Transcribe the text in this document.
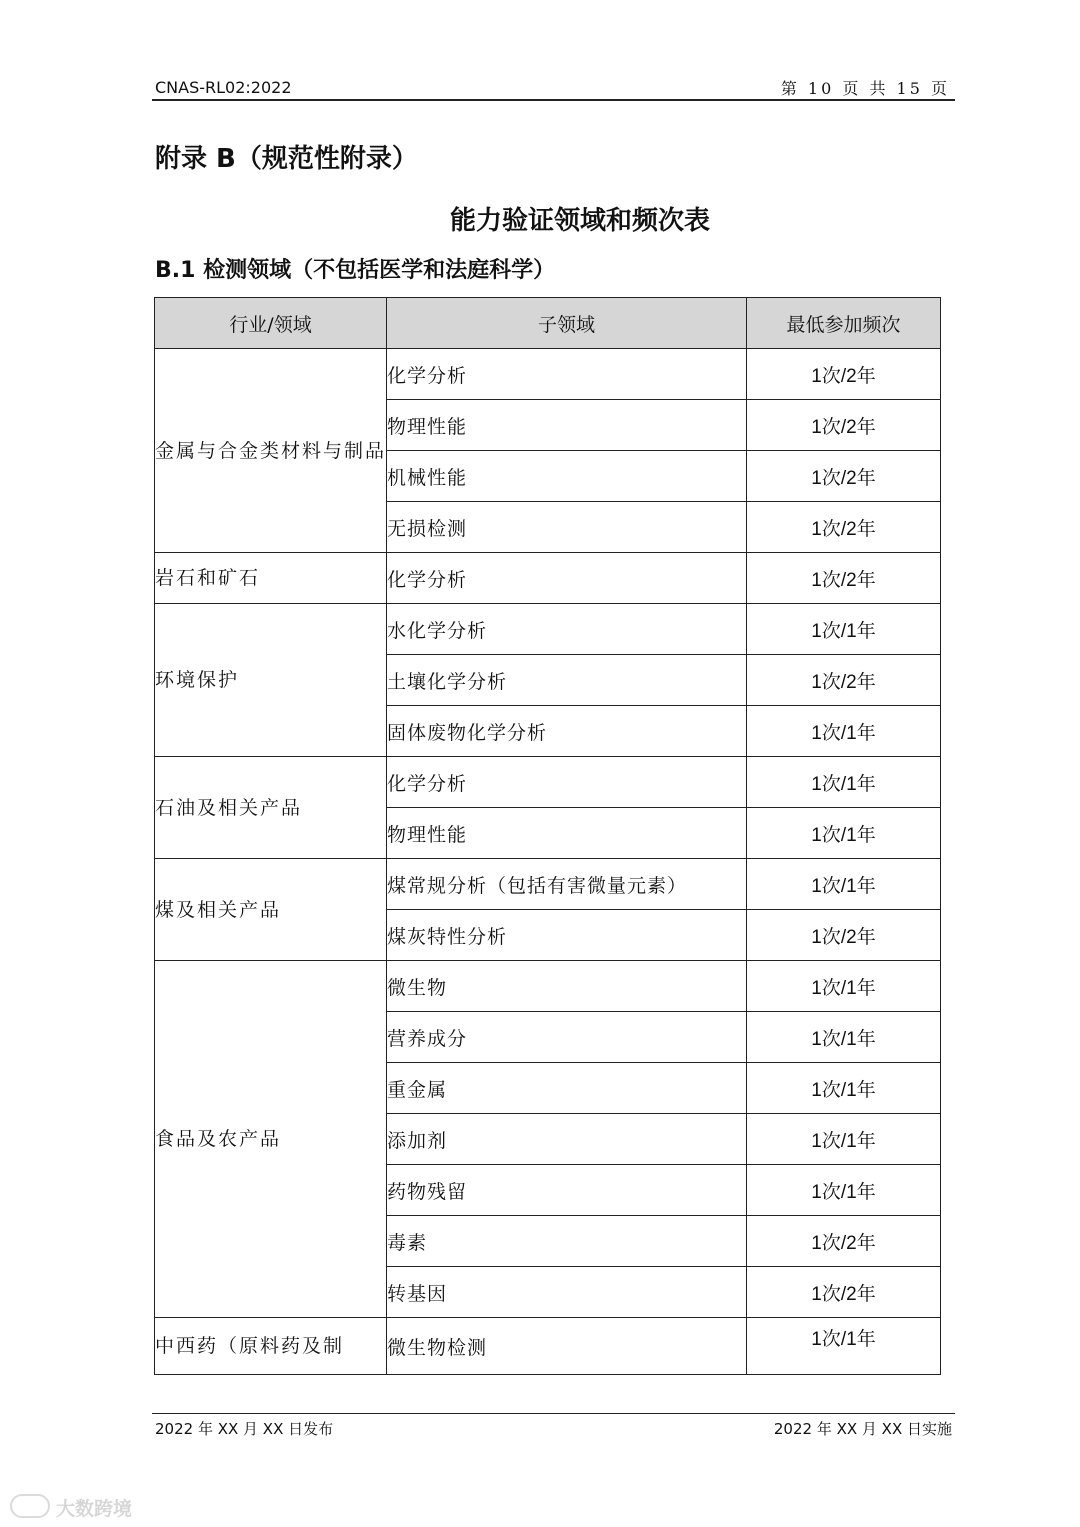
CNAS-RL02:2022	第 10 页 共 15 页
附录 B（规范性附录）
能力验证领域和频次表
B.1 检测领域（不包括医学和法庭科学）
行业/领域	子领域	最低参加频次
金属与合金类材料与制品	化学分析	1次/2年
	物理性能	1次/2年
	机械性能	1次/2年
	无损检测	1次/2年
岩石和矿石	化学分析	1次/2年
环境保护	水化学分析	1次/1年
	土壤化学分析	1次/2年
	固体废物化学分析	1次/1年
石油及相关产品	化学分析	1次/1年
	物理性能	1次/1年
煤及相关产品	煤常规分析（包括有害微量元素）	1次/1年
	煤灰特性分析	1次/2年
食品及农产品	微生物	1次/1年
	营养成分	1次/1年
	重金属	1次/1年
	添加剂	1次/1年
	药物残留	1次/1年
	毒素	1次/2年
	转基因	1次/2年
中西药（原料药及制	微生物检测	1次/1年
2022 年 XX 月 XX 日发布	2022 年 XX 月 XX 日实施
大数跨境
